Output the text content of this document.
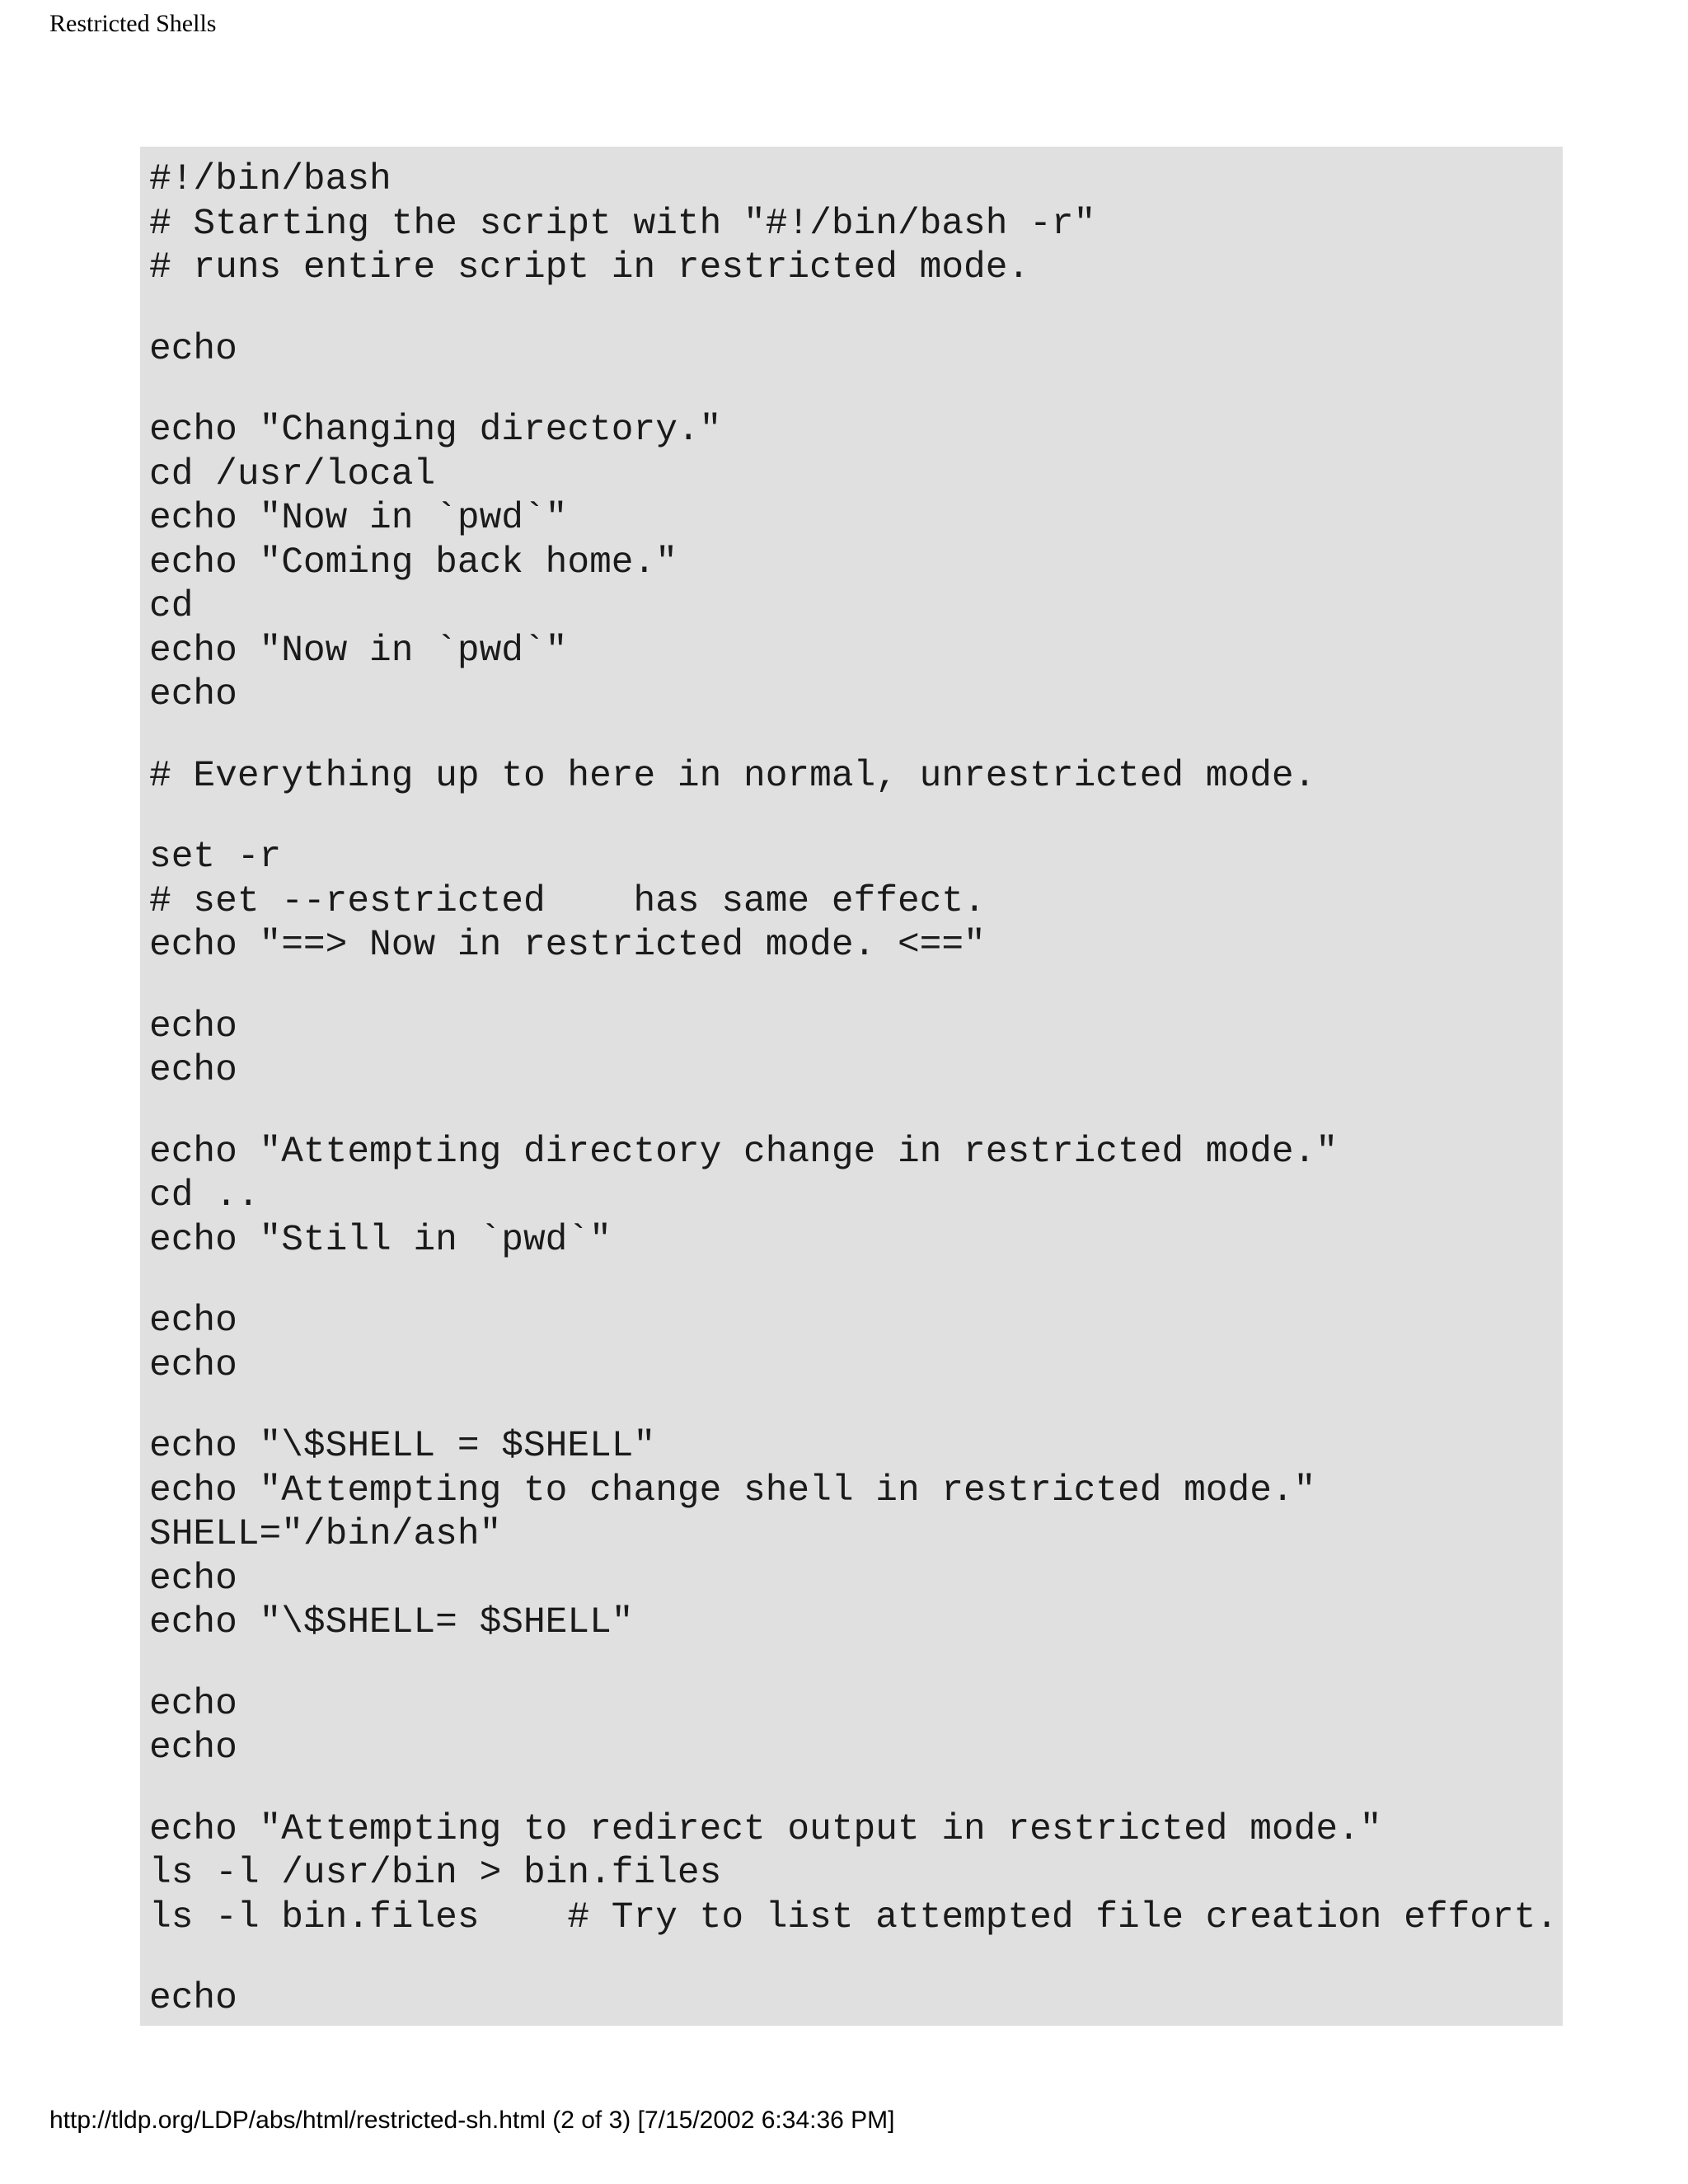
Restricted Shells
#!/bin/bash
# Starting the script with "#!/bin/bash -r"
# runs entire script in restricted mode.
echo
echo "Changing directory."
cd /usr/local
echo "Now in `pwd`"
echo "Coming back home."
cd
echo "Now in `pwd`"
echo
# Everything up to here in normal, unrestricted mode.
set -r
# set --restricted    has same effect.
echo "==> Now in restricted mode. <=="
echo
echo
echo "Attempting directory change in restricted mode."
cd ..
echo "Still in `pwd`"
echo
echo
echo "\$SHELL = $SHELL"
echo "Attempting to change shell in restricted mode."
SHELL="/bin/ash"
echo
echo "\$SHELL= $SHELL"
echo
echo
echo "Attempting to redirect output in restricted mode."
ls -l /usr/bin > bin.files
ls -l bin.files    # Try to list attempted file creation effort.
echo
http://tldp.org/LDP/abs/html/restricted-sh.html (2 of 3) [7/15/2002 6:34:36 PM]
